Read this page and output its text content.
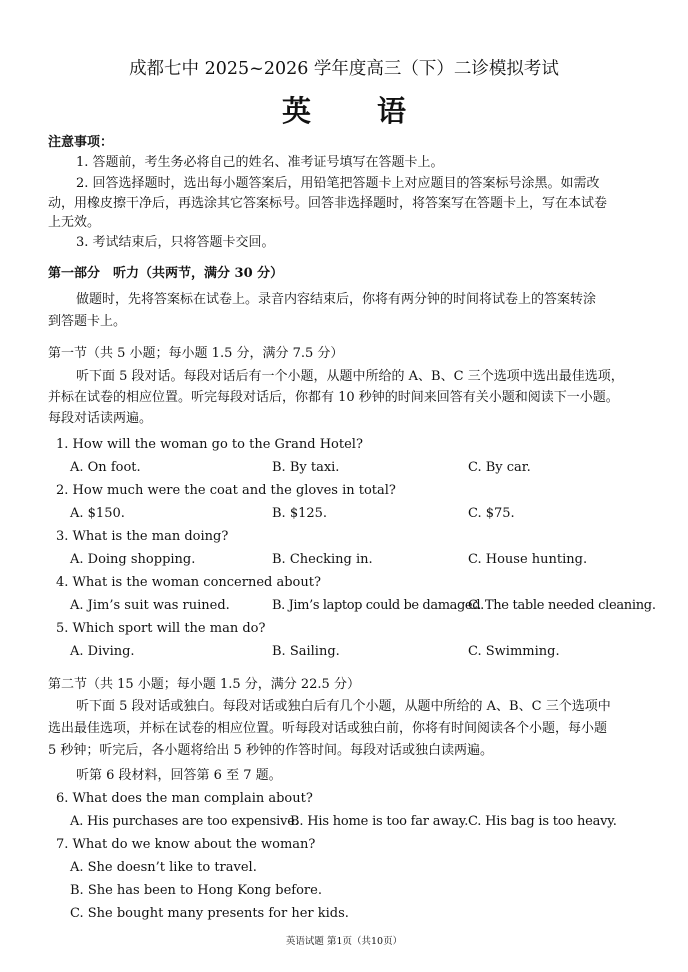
成都七中 2025~2026 学年度高三（下）二诊模拟考试
英 语
注意事项：
1. 答题前，考生务必将自己的姓名、准考证号填写在答题卡上。
2. 回答选择题时，选出每小题答案后，用铅笔把答题卡上对应题目的答案标号涂黑。如需改
动，用橡皮擦干净后，再选涂其它答案标号。回答非选择题时，将答案写在答题卡上，写在本试卷
上无效。
3. 考试结束后，只将答题卡交回。
第一部分　听力（共两节，满分 30 分）
做题时，先将答案标在试卷上。录音内容结束后，你将有两分钟的时间将试卷上的答案转涂
到答题卡上。
第一节（共 5 小题；每小题 1.5 分，满分 7.5 分）
听下面 5 段对话。每段对话后有一个小题，从题中所给的 A、B、C 三个选项中选出最佳选项，
并标在试卷的相应位置。听完每段对话后，你都有 10 秒钟的时间来回答有关小题和阅读下一小题。
每段对话读两遍。
1. How will the woman go to the Grand Hotel?
A. On foot.	B. By taxi.	C. By car.
2. How much were the coat and the gloves in total?
A. $150.	B. $125.	C. $75.
3. What is the man doing?
A. Doing shopping.	B. Checking in.	C. House hunting.
4. What is the woman concerned about?
A. Jim’s suit was ruined.	B. Jim’s laptop could be damaged.
C. The table needed cleaning.
5. Which sport will the man do?
A. Diving.	B. Sailing.	C. Swimming.
第二节（共 15 小题；每小题 1.5 分，满分 22.5 分）
听下面 5 段对话或独白。每段对话或独白后有几个小题，从题中所给的 A、B、C 三个选项中
选出最佳选项，并标在试卷的相应位置。听每段对话或独白前，你将有时间阅读各个小题，每小题
5 秒钟；听完后，各小题将给出 5 秒钟的作答时间。每段对话或独白读两遍。
听第 6 段材料，回答第 6 至 7 题。
6. What does the man complain about?
A. His purchases are too expensive.
B. His home is too far away. C. His bag is too heavy.
7. What do we know about the woman?
A. She doesn’t like to travel.
B. She has been to Hong Kong before.
C. She bought many presents for her kids.
英语试题 第1页（共10页）
